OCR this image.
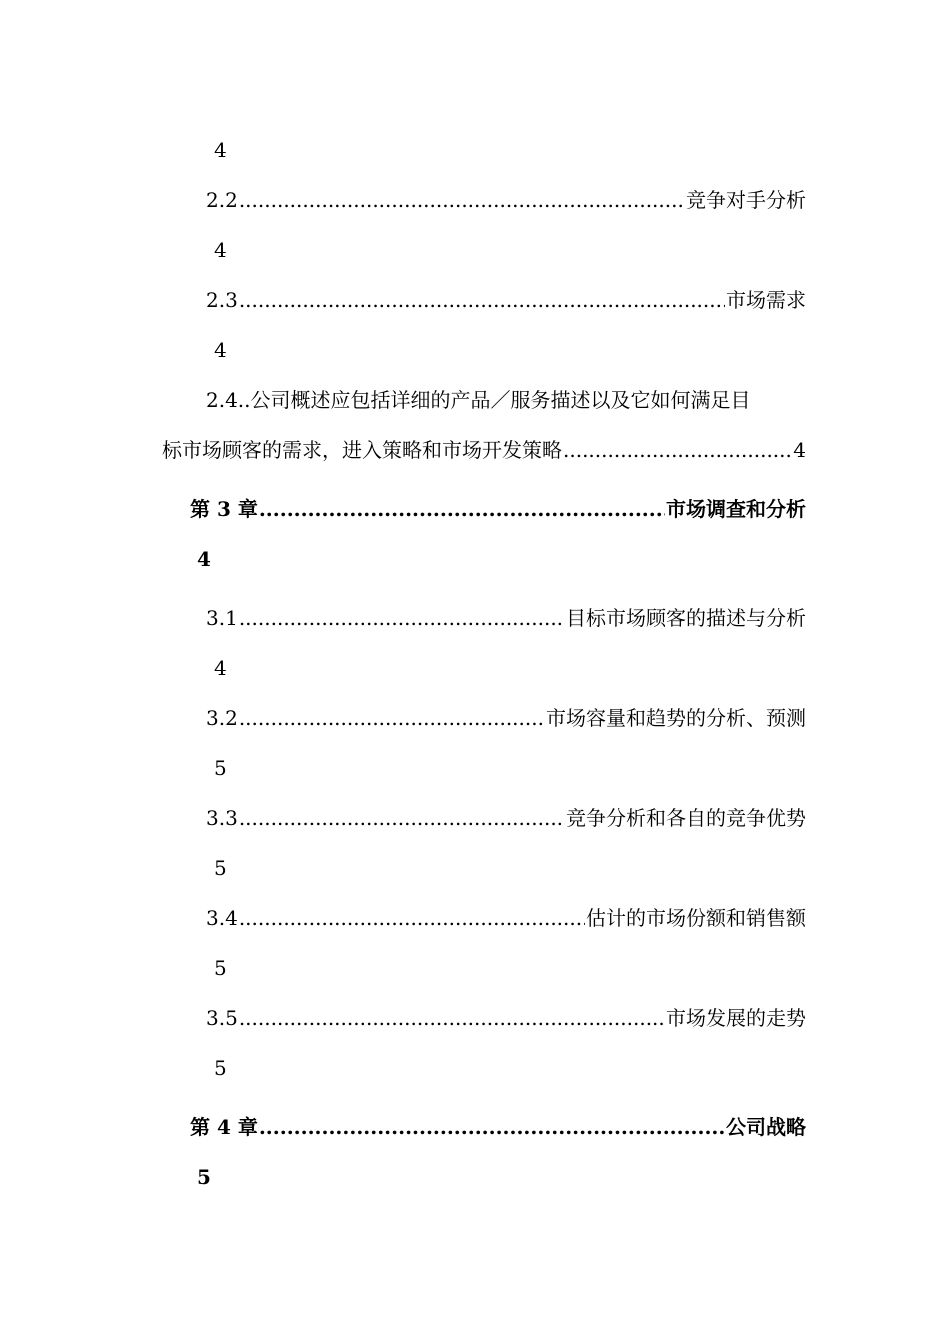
4
2.2 .....	竞争对手分析
4
2.3 .....	市场需求
4
2.4..公司概述应包括详细的产品／服务描述以及它如何满足目
标市场顾客的需求，进入策略和市场开发策略 .....	4
第 3 章 .....	市场调查和分析
4
3.1 .....	目标市场顾客的描述与分析
4
3.2 .....	市场容量和趋势的分析、预测
5
3.3 .....	竞争分析和各自的竞争优势
5
3.4 .....	估计的市场份额和销售额
5
3.5 .....	市场发展的走势
5
第 4 章 .....	公司战略
5
